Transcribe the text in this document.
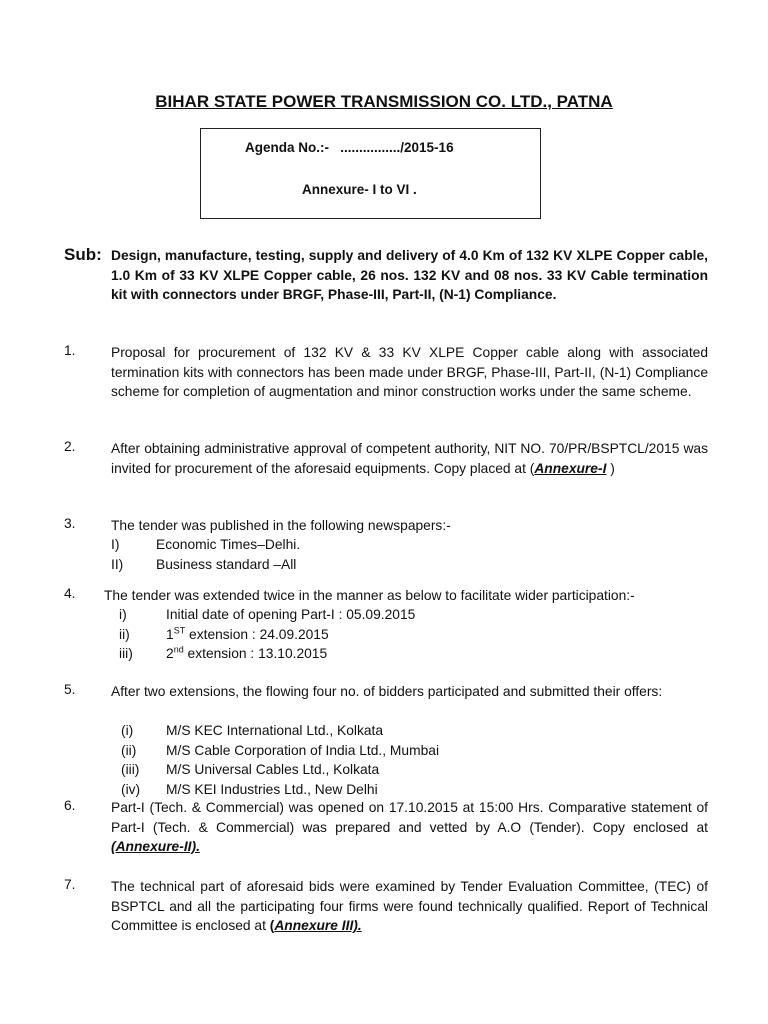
BIHAR STATE POWER TRANSMISSION CO. LTD., PATNA
Agenda No.:- ................/2015-16
Annexure- I to VI .
Sub: Design, manufacture, testing, supply and delivery of 4.0 Km of 132 KV XLPE Copper cable, 1.0 Km of 33 KV XLPE Copper cable, 26 nos. 132 KV and 08 nos. 33 KV Cable termination kit with connectors under BRGF, Phase-III, Part-II, (N-1) Compliance.
1.	Proposal for procurement of 132 KV & 33 KV XLPE Copper cable along with associated termination kits with connectors has been made under BRGF, Phase-III, Part-II, (N-1) Compliance scheme for completion of augmentation and minor construction works under the same scheme.
2.	After obtaining administrative approval of competent authority, NIT NO. 70/PR/BSPTCL/2015 was invited for procurement of the aforesaid equipments. Copy placed at (Annexure-I )
3.	The tender was published in the following newspapers:-
I)	Economic Times–Delhi.
II) Business standard –All
4. The tender was extended twice in the manner as below to facilitate wider participation:-
i)	Initial date of opening Part-I : 05.09.2015
ii)	1ST extension : 24.09.2015
iii) 2nd extension : 13.10.2015
5.	After two extensions, the flowing four no. of bidders participated and submitted their offers:
(i) M/S KEC International Ltd., Kolkata
(ii) M/S Cable Corporation of India Ltd., Mumbai
(iii) M/S Universal Cables Ltd., Kolkata
(iv) M/S KEI Industries Ltd., New Delhi
6.	Part-I (Tech. & Commercial) was opened on 17.10.2015 at 15:00 Hrs. Comparative statement of Part-I (Tech. & Commercial) was prepared and vetted by A.O (Tender). Copy enclosed at (Annexure-II).
7.	The technical part of aforesaid bids were examined by Tender Evaluation Committee, (TEC) of BSPTCL and all the participating four firms were found technically qualified. Report of Technical Committee is enclosed at (Annexure III).
